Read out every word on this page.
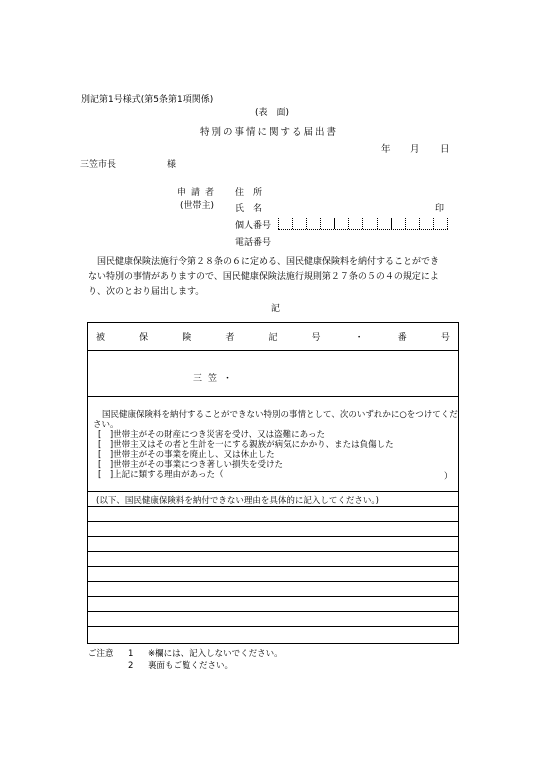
別記第1号様式(第5条第1項関係)
(表　面)
特別の事情に関する届出書
年 月 日
三笠市長	様
申請者
(世帯主)
住　所
氏　名	印
個人番号
電話番号

国民健康保険法施行令第２８条の６に定める、国民健康保険料を納付することができ

ない特別の事情がありますので、国民健康保険法施行規則第２７条の５の４の規定によ

り、次のとおり届出します。

記
被	保	険	者	記	号	・	番	号
三笠・
国民健康保険料を納付することができない特別の事情として、次のいずれかに○をつけてください。
[　]世帯主がその財産につき災害を受け、又は盗難にあった
[　]世帯主又はその者と生計を一にする親族が病気にかかり、または負傷した
[　]世帯主がその事業を廃止し、又は休止した
[　]世帯主がその事業につき著しい損失を受けた
[　]上記に類する理由があった（	）
(以下、国民健康保険料を納付できない理由を具体的に記入してください。)
ご注意	1	※欄には、記入しないでください。
2	裏面もご覧ください。
